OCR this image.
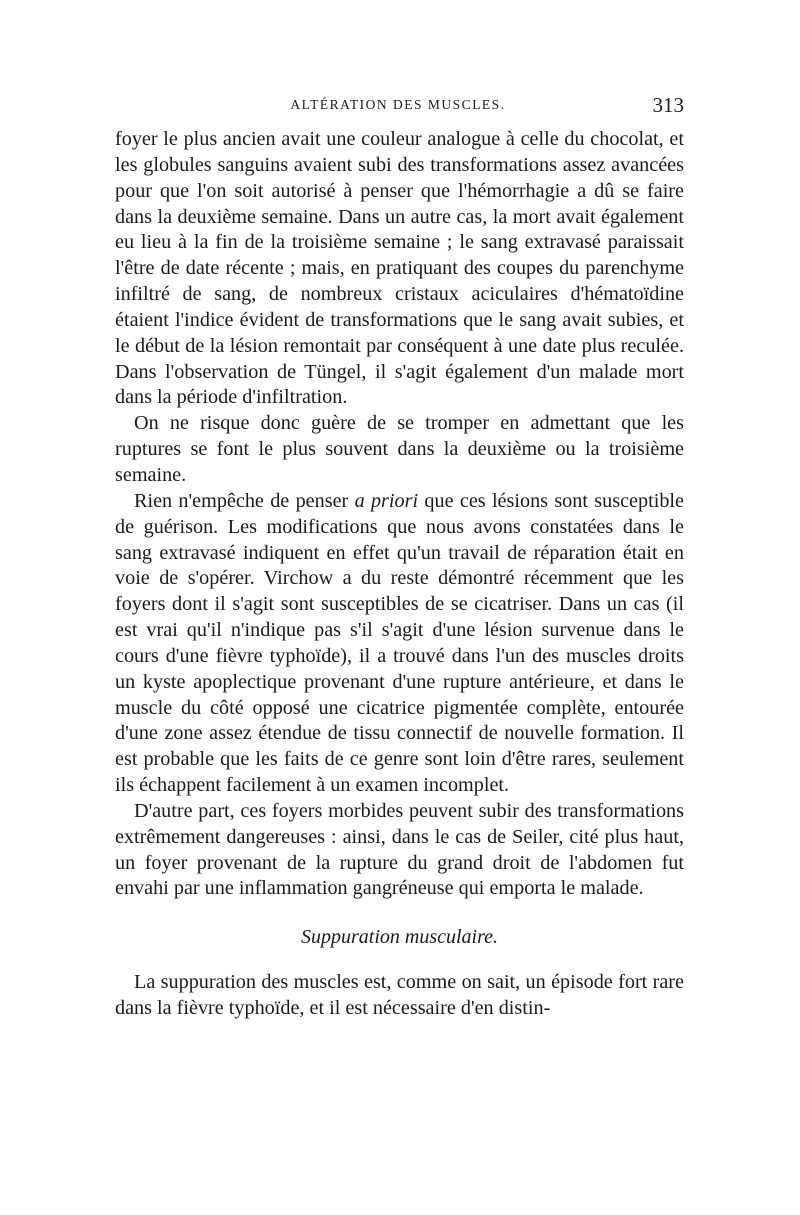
ALTÉRATION DES MUSCLES.	313

foyer le plus ancien avait une couleur analogue à celle du chocolat, et les globules sanguins avaient subi des transformations assez avancées pour que l'on soit autorisé à penser que l'hémorrhagie a dû se faire dans la deuxième semaine. Dans un autre cas, la mort avait également eu lieu à la fin de la troisième semaine ; le sang extravasé paraissait l'être de date récente ; mais, en pratiquant des coupes du parenchyme infiltré de sang, de nombreux cristaux aciculaires d'hématoïdine étaient l'indice évident de transformations que le sang avait subies, et le début de la lésion remontait par conséquent à une date plus reculée. Dans l'observation de Tüngel, il s'agit également d'un malade mort dans la période d'infiltration.

On ne risque donc guère de se tromper en admettant que les ruptures se font le plus souvent dans la deuxième ou la troisième semaine.

Rien n'empêche de penser a priori que ces lésions sont susceptible de guérison. Les modifications que nous avons constatées dans le sang extravasé indiquent en effet qu'un travail de réparation était en voie de s'opérer. Virchow a du reste démontré récemment que les foyers dont il s'agit sont susceptibles de se cicatriser. Dans un cas (il est vrai qu'il n'indique pas s'il s'agit d'une lésion survenue dans le cours d'une fièvre typhoïde), il a trouvé dans l'un des muscles droits un kyste apoplectique provenant d'une rupture antérieure, et dans le muscle du côté opposé une cicatrice pigmentée complète, entourée d'une zone assez étendue de tissu connectif de nouvelle formation. Il est probable que les faits de ce genre sont loin d'être rares, seulement ils échappent facilement à un examen incomplet.

D'autre part, ces foyers morbides peuvent subir des transformations extrêmement dangereuses : ainsi, dans le cas de Seiler, cité plus haut, un foyer provenant de la rupture du grand droit de l'abdomen fut envahi par une inflammation gangréneuse qui emporta le malade.

Suppuration musculaire.

La suppuration des muscles est, comme on sait, un épisode fort rare dans la fièvre typhoïde, et il est nécessaire d'en distin-
